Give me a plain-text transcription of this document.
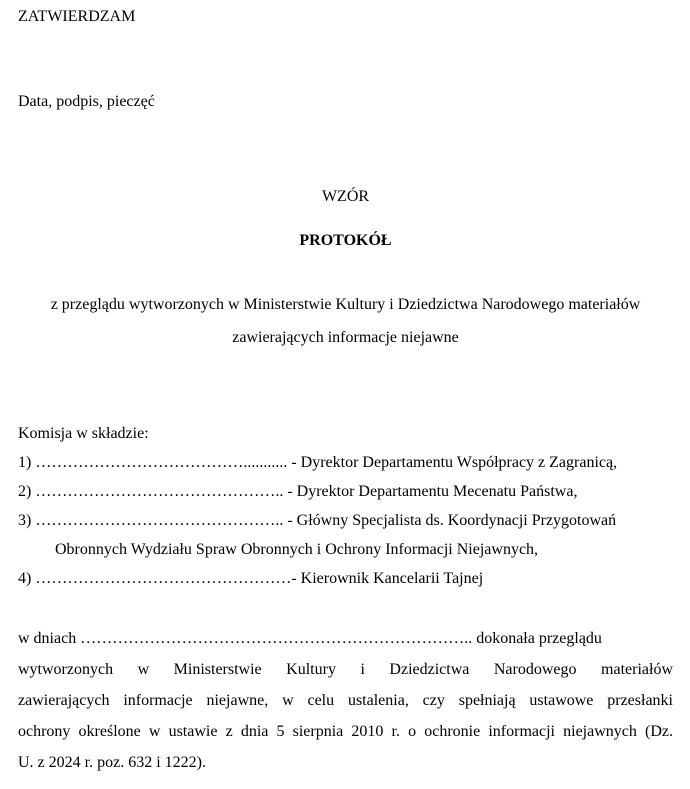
ZATWIERDZAM
Data, podpis, pieczęć
WZÓR
PROTOKÓŁ
z przeglądu wytworzonych w Ministerstwie Kultury i Dziedzictwa Narodowego materiałów
zawierających informacje niejawne
Komisja w składzie:
1) …………………………………........... - Dyrektor Departamentu Współpracy z Zagranicą,
2) ……………………………………….. - Dyrektor Departamentu Mecenatu Państwa,
3) ……………………………………….. - Główny Specjalista ds. Koordynacji Przygotowań
Obronnych Wydziału Spraw Obronnych i Ochrony Informacji Niejawnych,
4) …………………………………………- Kierownik Kancelarii Tajnej
w dniach ……………………………………………………………….. dokonała przeglądu
wytworzonych w Ministerstwie Kultury i Dziedzictwa Narodowego materiałów
zawierających informacje niejawne, w celu ustalenia, czy spełniają ustawowe przesłanki
ochrony określone w ustawie z dnia 5 sierpnia 2010 r. o ochronie informacji niejawnych (Dz.
U. z 2024 r. poz. 632 i 1222).
